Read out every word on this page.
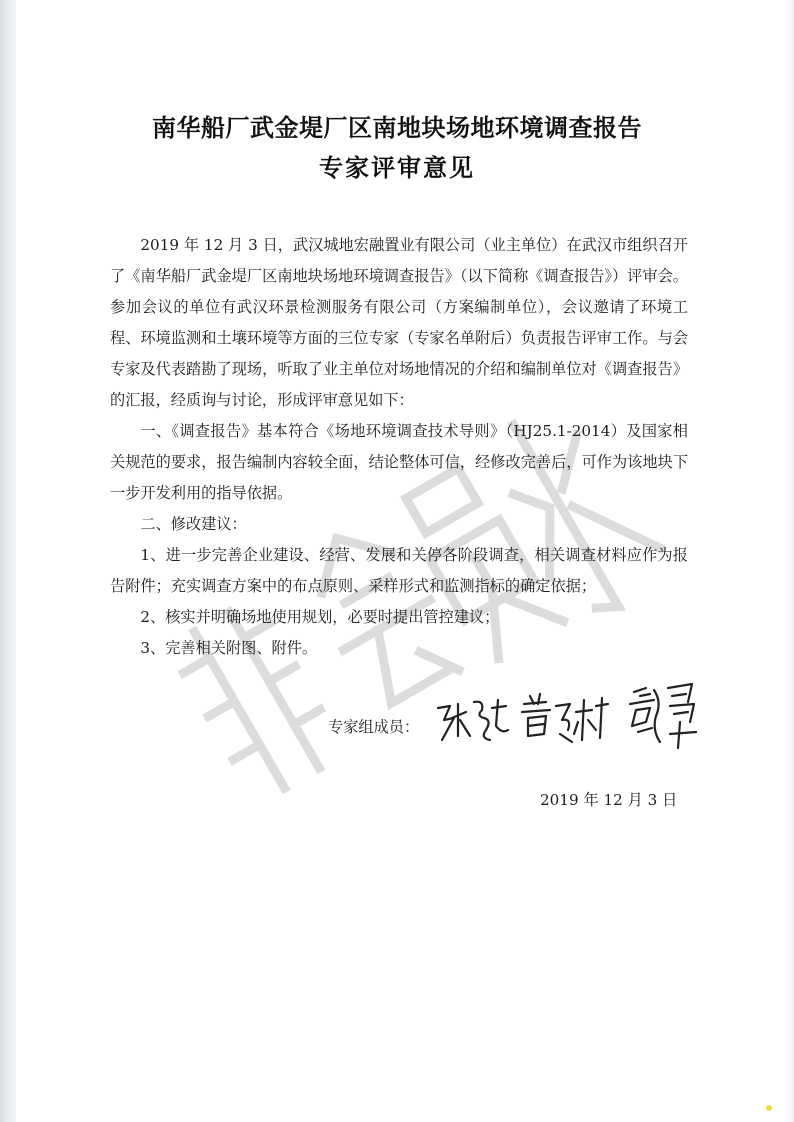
南华船厂武金堤厂区南地块场地环境调查报告
专家评审意见

2019 年 12 月 3 日，武汉城地宏融置业有限公司（业主单位）在武汉市组织召开了《南华船厂武金堤厂区南地块场地环境调查报告》（以下简称《调查报告》）评审会。参加会议的单位有武汉环景检测服务有限公司（方案编制单位），会议邀请了环境工程、环境监测和土壤环境等方面的三位专家（专家名单附后）负责报告评审工作。与会专家及代表踏勘了现场，听取了业主单位对场地情况的介绍和编制单位对《调查报告》的汇报，经质询与讨论，形成评审意见如下：

一、《调查报告》基本符合《场地环境调查技术导则》（HJ25.1-2014）及国家相关规范的要求，报告编制内容较全面，结论整体可信，经修改完善后，可作为该地块下一步开发利用的指导依据。

二、修改建议：

1、进一步完善企业建设、经营、发展和关停各阶段调查，相关调查材料应作为报告附件；充实调查方案中的布点原则、采样形式和监测指标的确定依据；

2、核实并明确场地使用规划，必要时提出管控建议；

3、完善相关附图、附件。

专家组成员：
2019 年 12 月 3 日
